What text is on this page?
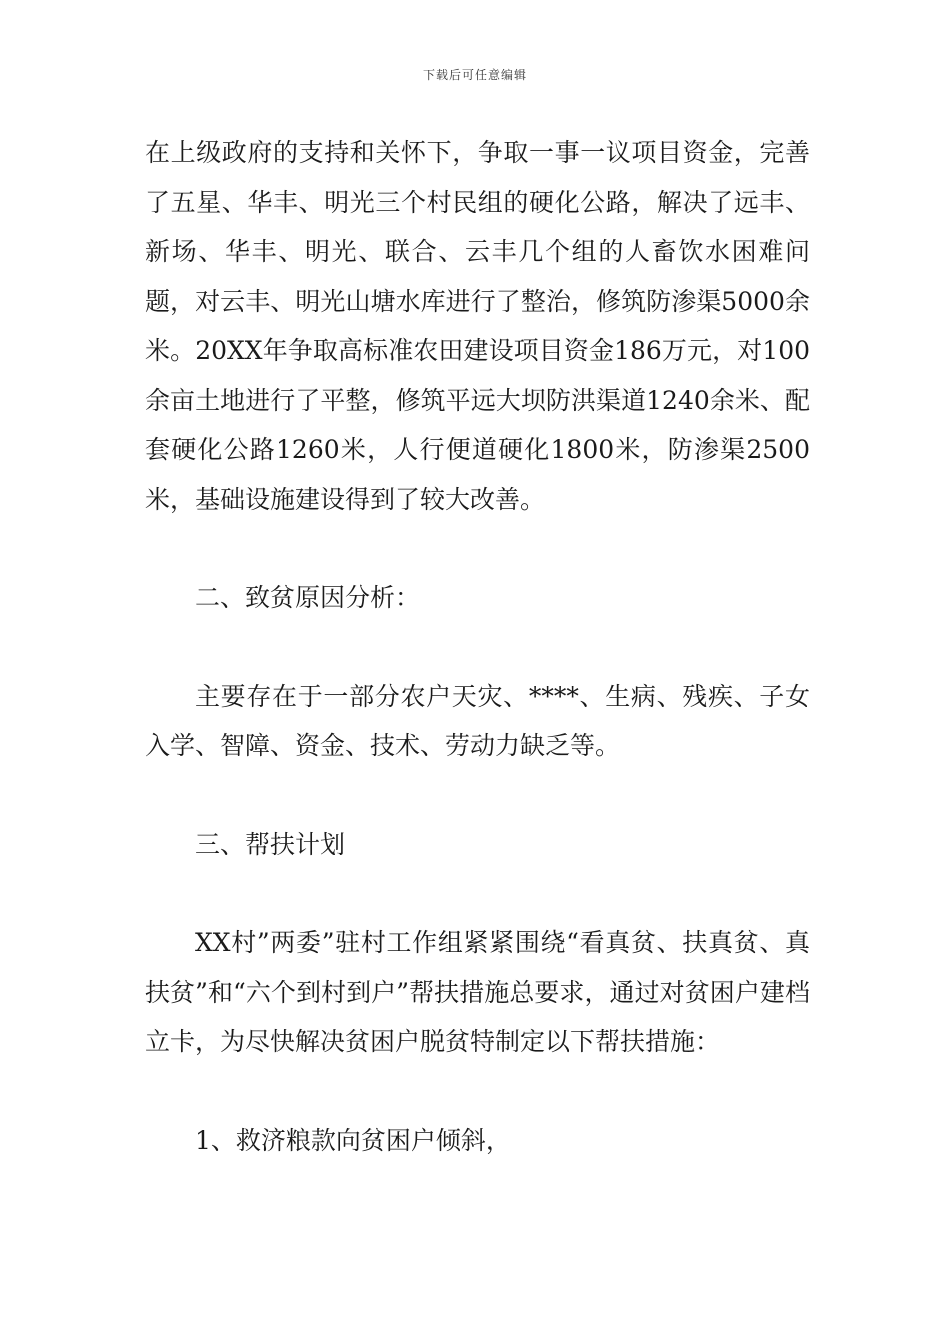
下载后可任意编辑

在上级政府的支持和关怀下，争取一事一议项目资金，完善了五星、华丰、明光三个村民组的硬化公路，解决了远丰、新场、华丰、明光、联合、云丰几个组的人畜饮水困难问题，对云丰、明光山塘水库进行了整治，修筑防渗渠5000余米。20XX年争取高标准农田建设项目资金186万元，对100余亩土地进行了平整，修筑平远大坝防洪渠道1240余米、配套硬化公路1260米，人行便道硬化1800米，防渗渠2500米，基础设施建设得到了较大改善。

二、致贫原因分析：

主要存在于一部分农户天灾、****、生病、残疾、子女入学、智障、资金、技术、劳动力缺乏等。

三、帮扶计划

XX村”两委”驻村工作组紧紧围绕“看真贫、扶真贫、真扶贫”和“六个到村到户”帮扶措施总要求，通过对贫困户建档立卡，为尽快解决贫困户脱贫特制定以下帮扶措施：

1、救济粮款向贫困户倾斜，
